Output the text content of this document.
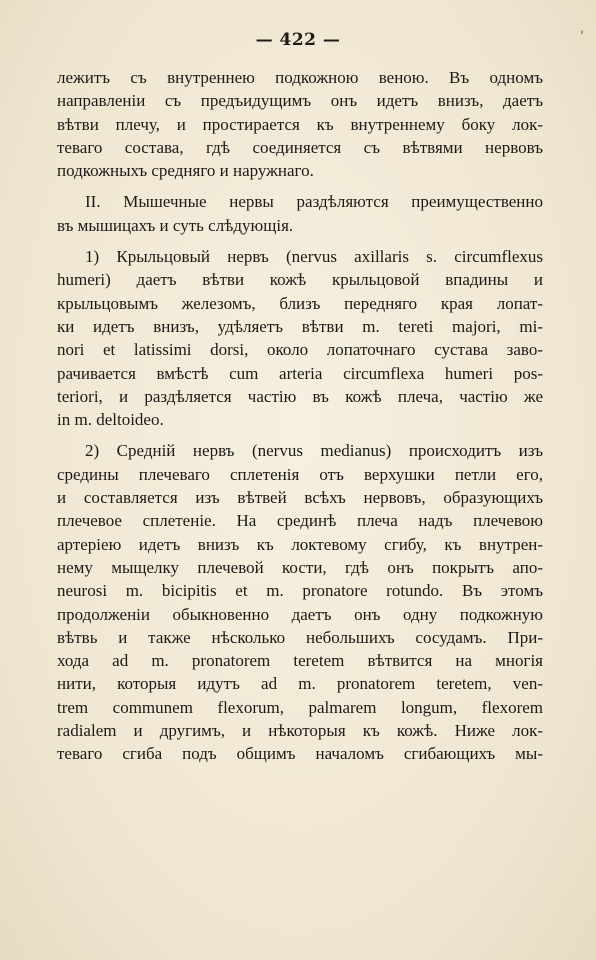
— 422 —	ʹ
лежитъ съ внутреннею подкожною веною. Въ одномъ
направленіи съ предъидущимъ онъ идетъ внизъ, даетъ
вѣтви плечу, и простирается къ внутреннему боку лок-
теваго состава, гдѣ соединяется съ вѣтвями нервовъ
подкожныхъ средняго и наружнаго.
II. Мышечные нервы раздѣляются преимущественно
въ мышицахъ и суть слѣдующія.
1) Крыльцовый нервъ (nervus axillaris s. circumflexus
humeri) даетъ вѣтви кожѣ крыльцовой впадины и
крыльцовымъ железомъ, близъ передняго края лопат-
ки идетъ внизъ, удѣляетъ вѣтви m. tereti majori, mi-
nori et latissimi dorsi, около лопаточнаго сустава заво-
рачивается вмѣстѣ cum arteria circumflexa humeri pos-
teriori, и раздѣляется частію въ кожѣ плеча, частію же
in m. deltoideo.
2) Средній нервъ (nervus medianus) происходитъ изъ
средины плечеваго сплетенія отъ верхушки петли его,
и составляется изъ вѣтвей всѣхъ нервовъ, образующихъ
плечевое сплетеніе. На срединѣ плеча надъ плечевою
артеріею идетъ внизъ къ локтевому сгибу, къ внутрен-
нему мыщелку плечевой кости, гдѣ онъ покрытъ апо-
neurosi m. bicipitis et m. pronatore rotundo. Въ этомъ
продолженіи обыкновенно даетъ онъ одну подкожную
вѣтвь и также нѣсколько небольшихъ сосудамъ. При-
хода ad m. pronatorem teretem вѣтвится на многія
нити, которыя идутъ ad m. pronatorem teretem, ven-
trem communem flexorum, palmarem longum, flexorem
radialem и другимъ, и нѣкоторыя къ кожѣ. Ниже лок-
теваго сгиба подъ общимъ началомъ сгибающихъ мы-
